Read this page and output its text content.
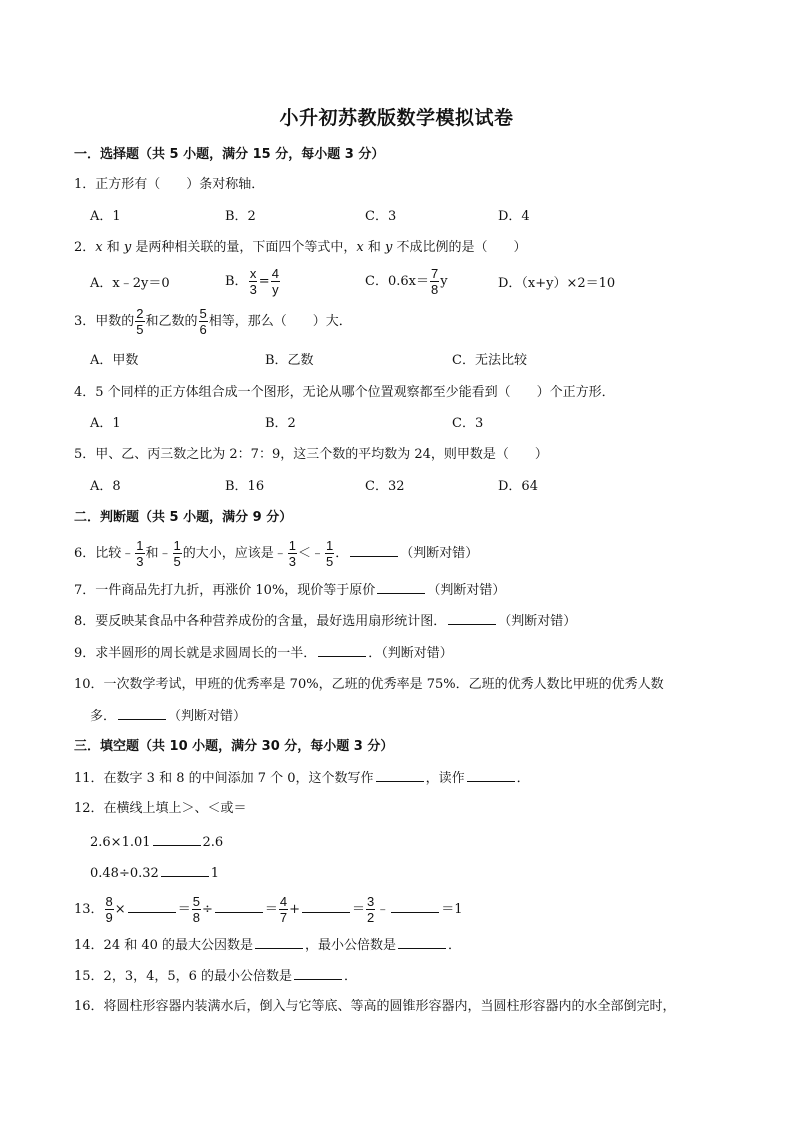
小升初苏教版数学模拟试卷
一．选择题（共 5 小题，满分 15 分，每小题 3 分）
1．正方形有（　　）条对称轴．
A．1	B．2	C．3	D．4
2．x 和 y 是两种相关联的量，下面四个等式中，x 和 y 不成比例的是（　　）
A．x﹣2y＝0	B． $\frac{x}{3} = \frac{4}{y}$	C．$0.6x= \frac{7}{8}$ y	D．（x+y）×2＝10
3．甲数的 $\frac{2}{5}$ 和乙数的 $\frac{5}{6}$ 相等，那么（　　）大．
A．甲数	B．乙数	C．无法比较
4．5 个同样的正方体组合成一个图形，无论从哪个位置观察都至少能看到（　　）个正方形．
A．1	B．2	C．3
5．甲、乙、丙三数之比为 2：7：9，这三个数的平均数为 24，则甲数是（　　）
A．8	B．16	C．32	D．64
二．判断题（共 5 小题，满分 9 分）
6．比较﹣ $\frac{1}{3}$ 和﹣ $\frac{1}{5}$ 的大小，应该是﹣ $\frac{1}{3}$ ＜﹣ $\frac{1}{5}$ ．	（判断对错）
7．一件商品先打九折，再涨价 10%，现价等于原价	（判断对错）
8．要反映某食品中各种营养成份的含量，最好选用扇形统计图．	（判断对错）
9．求半圆形的周长就是求圆周长的一半．	．（判断对错）
10．一次数学考试，甲班的优秀率是 70%，乙班的优秀率是 75%．乙班的优秀人数比甲班的优秀人数
多．	（判断对错）
三．填空题（共 10 小题，满分 30 分，每小题 3 分）
11．在数字 3 和 8 的中间添加 7 个 0，这个数写作	，读作	．
12．在横线上填上＞、＜或＝
2.6×1.01	2.6
0.48÷0.32	1
13． $\frac{8}{9}$ ×	＝ $\frac{5}{8}$ ÷	＝ $\frac{4}{7}$ +	＝ $\frac{3}{2}$ ﹣	＝1
14．24 和 40 的最大公因数是	，最小公倍数是	．
15．2，3，4，5，6 的最小公倍数是	．
16．将圆柱形容器内装满水后，倒入与它等底、等高的圆锥形容器内，当圆柱形容器内的水全部倒完时，
